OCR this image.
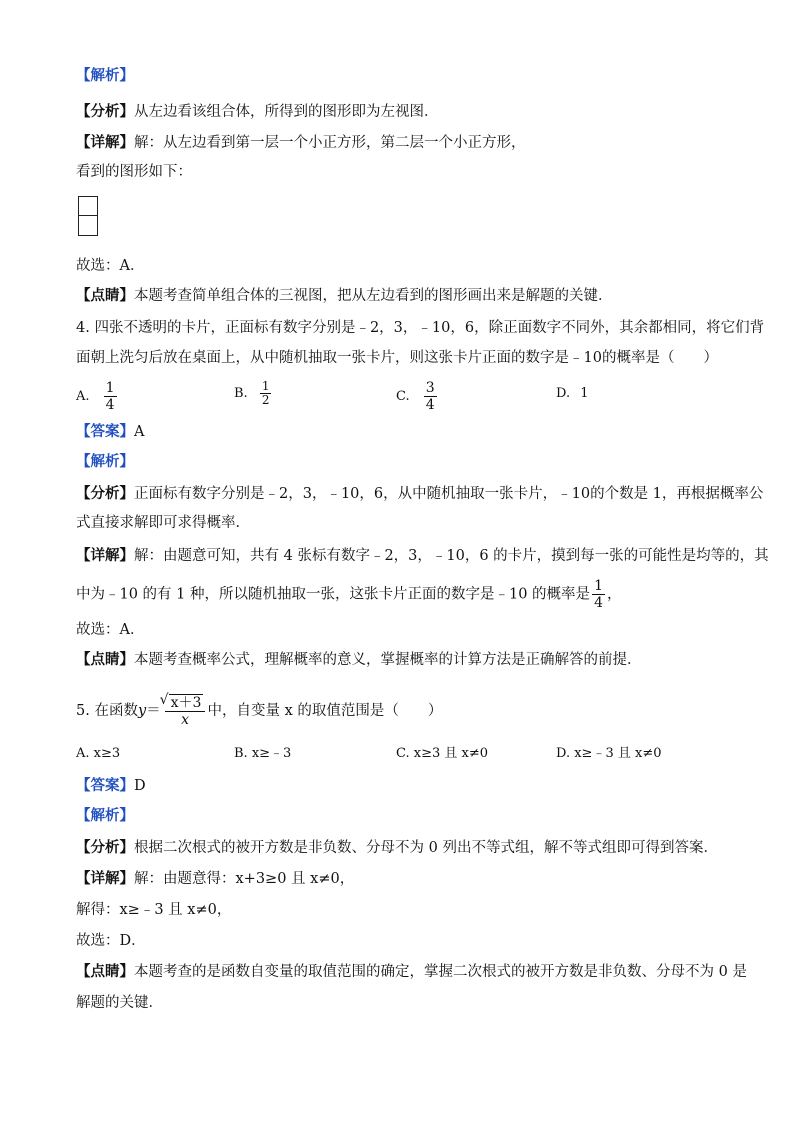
【解析】
【分析】从左边看该组合体，所得到的图形即为左视图．
【详解】解：从左边看到第一层一个小正方形，第二层一个小正方形，
看到的图形如下：
故选：A．
【点睛】本题考查简单组合体的三视图，把从左边看到的图形画出来是解题的关键．
4. 四张不透明的卡片，正面标有数字分别是﹣2，3，﹣10，6，除正面数字不同外，其余都相同，将它们背
面朝上洗匀后放在桌面上，从中随机抽取一张卡片，则这张卡片正面的数字是﹣10的概率是（　　）
A. $\frac{1}{4}$	B. $\frac{1}{2}$	C. $\frac{3}{4}$	D. 1
【答案】A
【解析】
【分析】正面标有数字分别是﹣2，3，﹣10，6，从中随机抽取一张卡片，﹣10的个数是 1，再根据概率公
式直接求解即可求得概率．
【详解】解：由题意可知，共有 4 张标有数字﹣2，3，﹣10，6 的卡片，摸到每一张的可能性是均等的，其
中为﹣10 的有 1 种，所以随机抽取一张，这张卡片正面的数字是﹣10 的概率是 $\frac{1}{4}$ ，
故选：A．
【点睛】本题考查概率公式，理解概率的意义，掌握概率的计算方法是正确解答的前提．
5. 在函数y＝
√ $\frac{x+3}{x}$ 中，自变量 x 的取值范围是（　　）
A. x≥3	B. x≥﹣3	C. x≥3 且 x≠0	D. x≥﹣3 且 x≠0
【答案】D
【解析】
【分析】根据二次根式的被开方数是非负数、分母不为 0 列出不等式组，解不等式组即可得到答案．
【详解】解：由题意得：x+3≥0 且 x≠0，
解得：x≥﹣3 且 x≠0，
故选：D．
【点睛】本题考查的是函数自变量的取值范围的确定，掌握二次根式的被开方数是非负数、分母不为 0 是
解题的关键．
